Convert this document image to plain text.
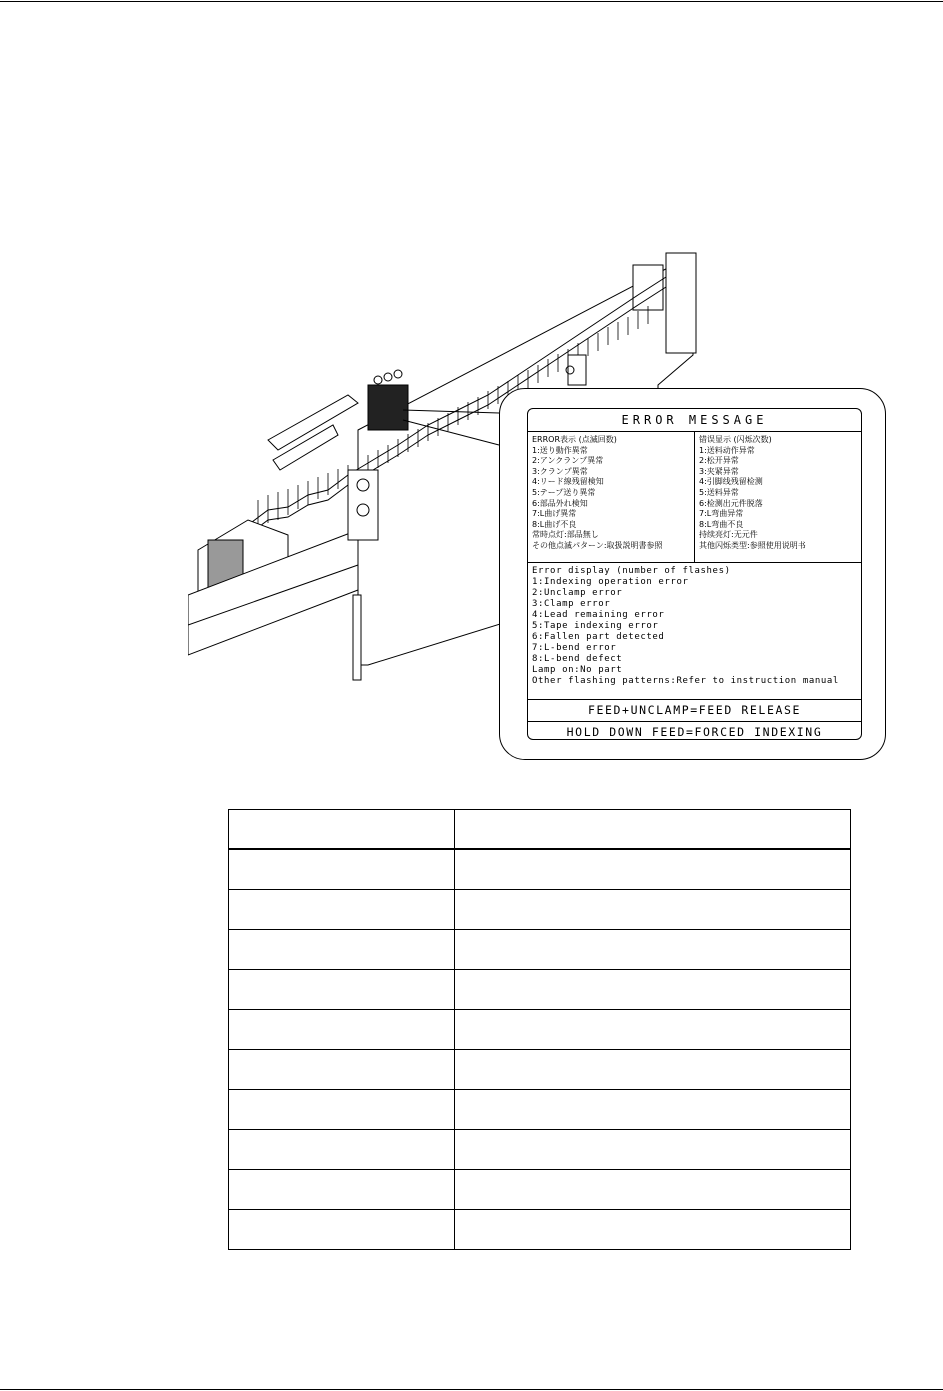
ERROR MESSAGE
ERROR表示 (点滅回数)
1:送り動作異常
2:アンクランプ異常
3:クランプ異常
4:リード線残留検知
5:テープ送り異常
6:部品外れ検知
7:L曲げ異常
8:L曲げ不良
常時点灯:部品無し
その他点滅パターン:取扱説明書参照
错误显示 (闪烁次数)
1:送料动作异常
2:松开异常
3:夹紧异常
4:引脚线残留检测
5:送料异常
6:检测出元件脱落
7:L弯曲异常
8:L弯曲不良
持续亮灯:无元件
其他闪烁类型:参照使用说明书
Error display (number of flashes)
1:Indexing operation error
2:Unclamp error
3:Clamp error
4:Lead remaining error
5:Tape indexing error
6:Fallen part detected
7:L-bend error
8:L-bend defect
Lamp on:No part
Other flashing patterns:Refer to instruction manual
FEED+UNCLAMP=FEED RELEASE
HOLD DOWN FEED=FORCED INDEXING
